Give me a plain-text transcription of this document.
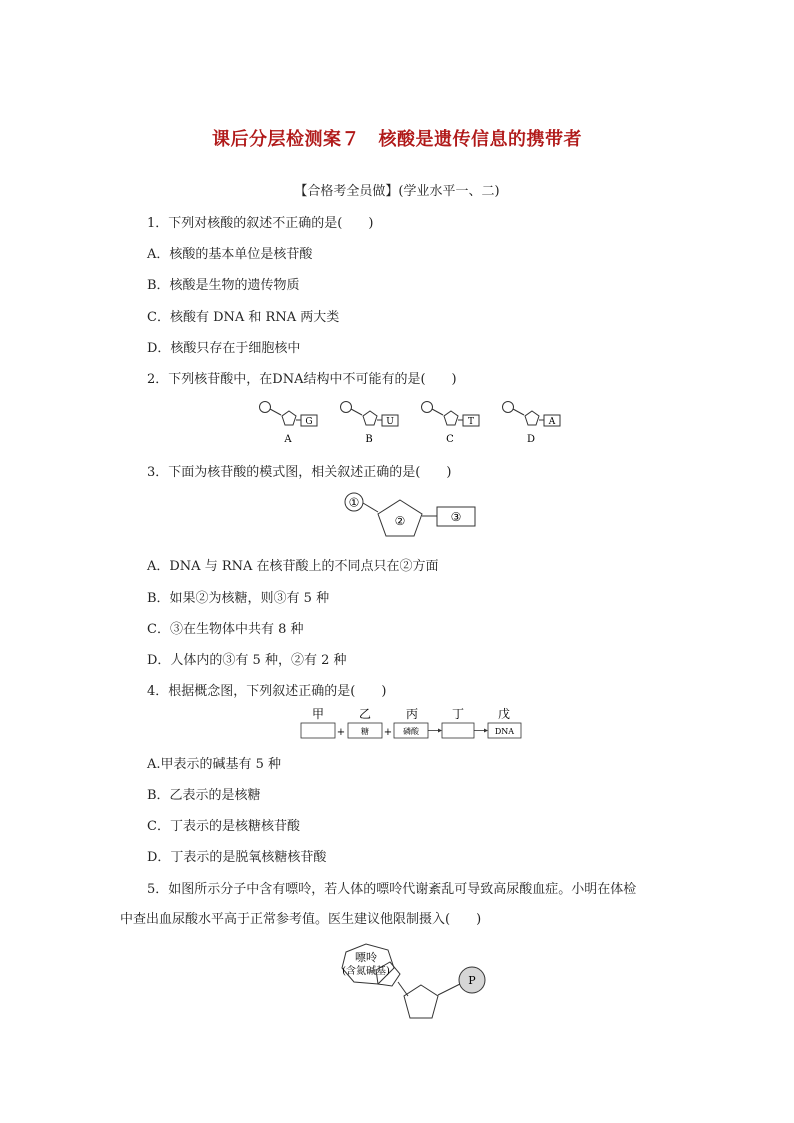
课后分层检测案７　核酸是遗传信息的携带者
【合格考全员做】(学业水平一、二)
1．下列对核酸的叙述不正确的是(　　)
A．核酸的基本单位是核苷酸
B．核酸是生物的遗传物质
C．核酸有 DNA 和 RNA 两大类
D．核酸只存在于细胞核中
2．下列核苷酸中，在DNA结构中不可能有的是(　　)
G
A
U
B
T
C
A
D
3．下面为核苷酸的模式图，相关叙述正确的是(　　)
①
②	③
A．DNA 与 RNA 在核苷酸上的不同点只在②方面
B．如果②为核糖，则③有 5 种
C．③在生物体中共有 8 种
D．人体内的③有 5 种，②有 2 种
4．根据概念图，下列叙述正确的是(　　)
甲	乙	丙	丁	戊
+ 糖 + 磷酸	DNA
A.甲表示的碱基有 5 种
B．乙表示的是核糖
C．丁表示的是核糖核苷酸
D．丁表示的是脱氧核糖核苷酸
5．如图所示分子中含有嘌呤，若人体的嘌呤代谢紊乱可导致高尿酸血症。小明在体检
中查出血尿酸水平高于正常参考值。医生建议他限制摄入(　　)
嘌呤
(含氮碱基)
P
